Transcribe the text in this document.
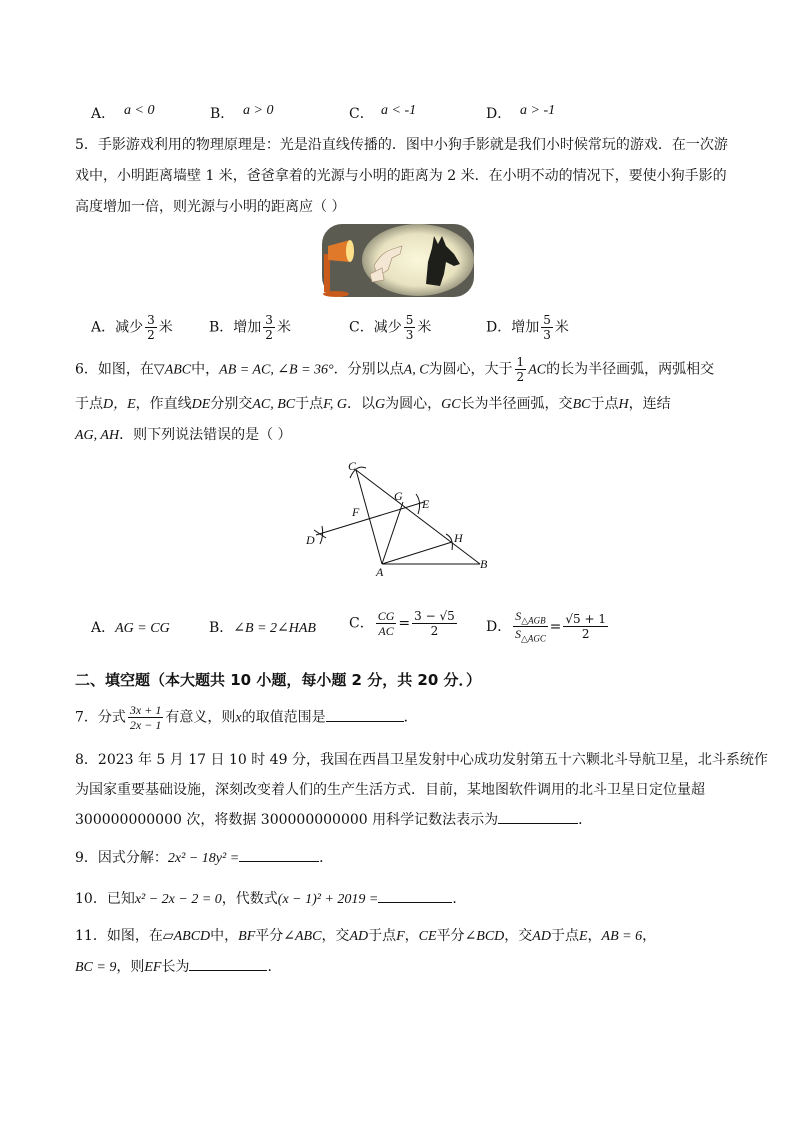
A． a < 0	B． a > 0	C． a < -1	D． a > -1
5．手影游戏利用的物理原理是：光是沿直线传播的．图中小狗手影就是我们小时候常玩的游戏．在一次游
戏中，小明距离墙壁 1 米，爸爸拿着的光源与小明的距离为 2 米．在小明不动的情况下，要使小狗手影的
高度增加一倍，则光源与小明的距离应（ ）
A．减少 $\frac{3}{2}$ 米	B．增加 $\frac{3}{2}$ 米	C．减少 $\frac{5}{3}$ 米	D．增加 $\frac{5}{3}$ 米
6．如图，在▽ABC中，AB = AC, ∠B = 36°．分别以点A, C为圆心，大于 $\frac{1}{2}$ AC的长为半径画弧，两弧相交
于点D，E，作直线DE分别交AC, BC于点F, G．以G为圆心，GC长为半径画弧，交BC于点H，连结
AG, AH．则下列说法错误的是（ ）
C
G
E
F
D	H
A
B
A．AG = CG	B．∠B = 2∠HAB C． $\frac{CG}{AC} = \frac{3 - √5}{2}$ D． $\frac{S_{\triangle AGB}}{S_{\triangle AGC}} = \frac{√5 + 1}{2}$
二、填空题（本大题共 10 小题，每小题 2 分，共 20 分．）
7．分式 $\frac{3x + 1}{2x - 1}$ 有意义，则x的取值范围是	．
8．2023 年 5 月 17 日 10 时 49 分，我国在西昌卫星发射中心成功发射第五十六颗北斗导航卫星，北斗系统作
为国家重要基础设施，深刻改变着人们的生产生活方式．目前，某地图软件调用的北斗卫星日定位量超
300000000000 次，将数据 300000000000 用科学记数法表示为	．
9．因式分解：2x² − 18y² =	．
10．已知x² − 2x − 2 = 0，代数式(x − 1)² + 2019 =	．
11．如图，在▱ABCD中，BF平分∠ABC，交AD于点F，CE平分∠BCD，交AD于点E，AB = 6，
BC = 9，则EF长为	．
